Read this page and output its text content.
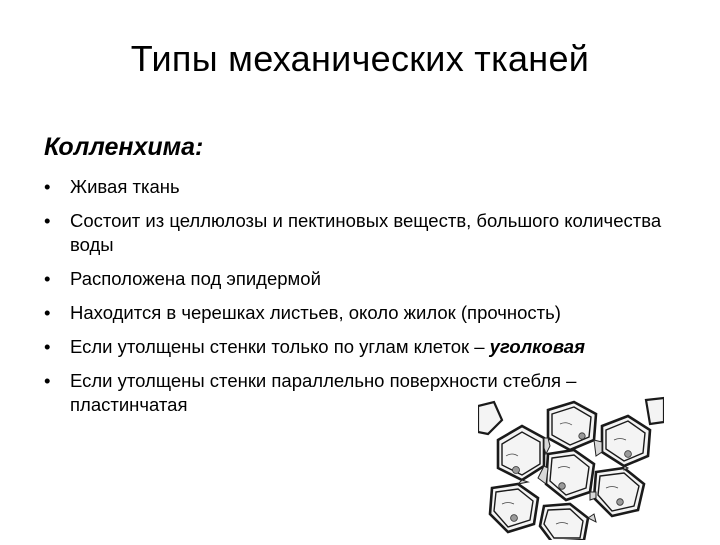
Типы механических тканей
Колленхима:
• Живая ткань
• Состоит из целлюлозы и пектиновых веществ, большого количества воды
• Расположена под эпидермой
• Находится в черешках листьев, около жилок (прочность)
• Если утолщены стенки только по углам клеток – уголковая
• Если утолщены стенки параллельно поверхности стебля – пластинчатая
